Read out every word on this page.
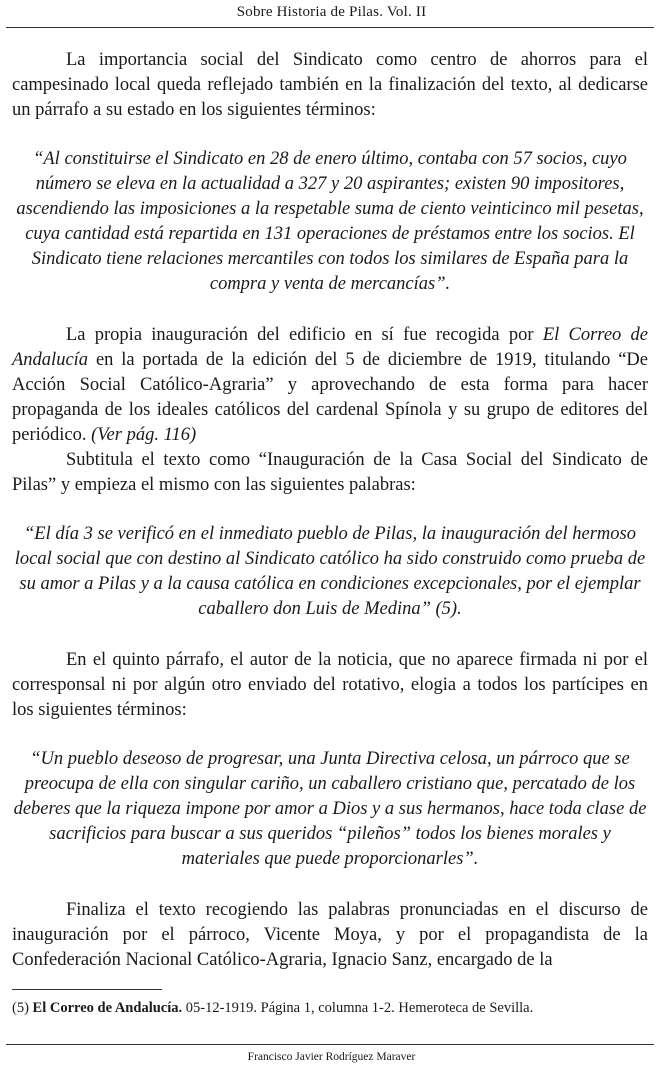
Sobre Historia de Pilas. Vol. II

La importancia social del Sindicato como centro de ahorros para el campesinado local queda reflejado también en la finalización del texto, al dedicarse un párrafo a su estado en los siguientes términos:

“Al constituirse el Sindicato en 28 de enero último, contaba con 57 socios, cuyo número se eleva en la actualidad a 327 y 20 aspirantes; existen 90 impositores, ascendiendo las imposiciones a la respetable suma de ciento veinticinco mil pesetas, cuya cantidad está repartida en 131 operaciones de préstamos entre los socios. El Sindicato tiene relaciones mercantiles con todos los similares de España para la compra y venta de mercancías”.

La propia inauguración del edificio en sí fue recogida por El Correo de Andalucía en la portada de la edición del 5 de diciembre de 1919, titulando “De Acción Social Católico-Agraria” y aprovechando de esta forma para hacer propaganda de los ideales católicos del cardenal Spínola y su grupo de editores del periódico. (Ver pág. 116)

Subtitula el texto como “Inauguración de la Casa Social del Sindicato de Pilas” y empieza el mismo con las siguientes palabras:

“El día 3 se verificó en el inmediato pueblo de Pilas, la inauguración del hermoso local social que con destino al Sindicato católico ha sido construido como prueba de su amor a Pilas y a la causa católica en condiciones excepcionales, por el ejemplar caballero don Luis de Medina” (5).

En el quinto párrafo, el autor de la noticia, que no aparece firmada ni por el corresponsal ni por algún otro enviado del rotativo, elogia a todos los partícipes en los siguientes términos:

“Un pueblo deseoso de progresar, una Junta Directiva celosa, un párroco que se preocupa de ella con singular cariño, un caballero cristiano que, percatado de los deberes que la riqueza impone por amor a Dios y a sus hermanos, hace toda clase de sacrificios para buscar a sus queridos “pileños” todos los bienes morales y materiales que puede proporcionarles”.

Finaliza el texto recogiendo las palabras pronunciadas en el discurso de inauguración por el párroco, Vicente Moya, y por el propagandista de la Confederación Nacional Católico-Agraria, Ignacio Sanz, encargado de la

(5) El Correo de Andalucía. 05-12-1919. Página 1, columna 1-2. Hemeroteca de Sevilla.
Francisco Javier Rodríguez Maraver
